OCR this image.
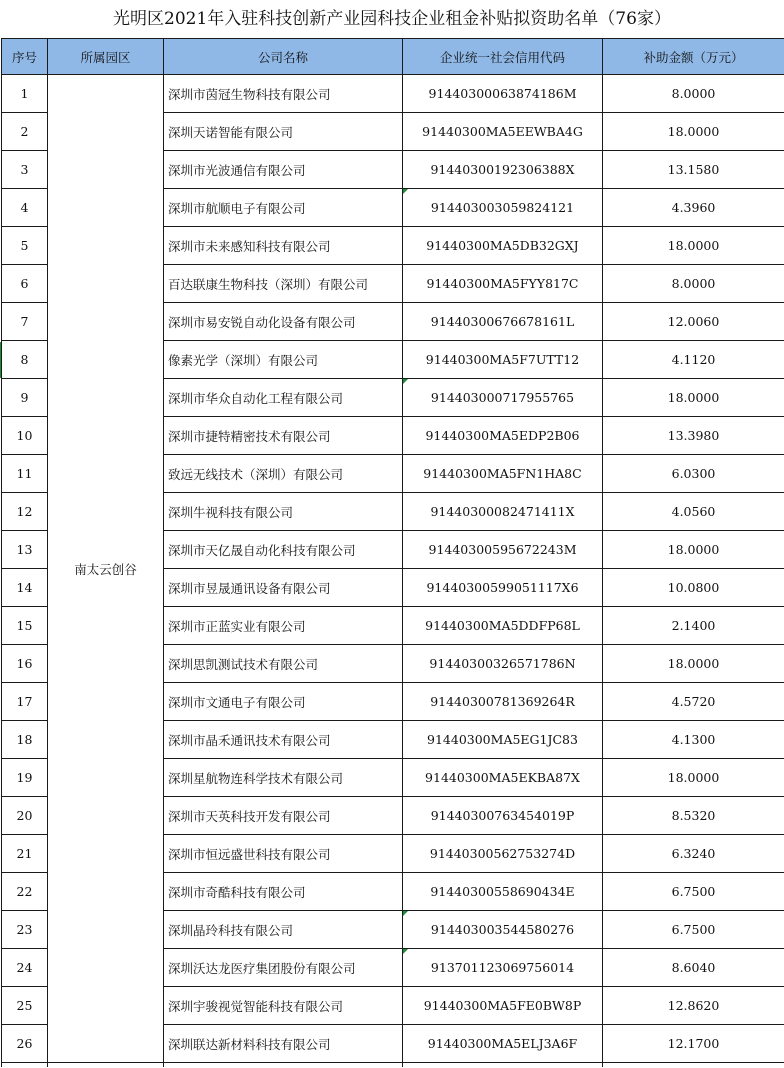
光明区2021年入驻科技创新产业园科技企业租金补贴拟资助名单（76家）
序号	所属园区	公司名称	企业统一社会信用代码	补助金额（万元）
1	南太云创谷	深圳市茵冠生物科技有限公司	91440300063874186M	8.0000
2		深圳天诺智能有限公司	91440300MA5EEWBA4G	18.0000
3		深圳市光波通信有限公司	91440300192306388X	13.1580
4		深圳市航顺电子有限公司	914403003059824121	4.3960
5		深圳市未来感知科技有限公司	91440300MA5DB32GXJ	18.0000
6		百达联康生物科技（深圳）有限公司	91440300MA5FYY817C	8.0000
7		深圳市易安锐自动化设备有限公司	91440300676678161L	12.0060
8		像素光学（深圳）有限公司	91440300MA5F7UTT12	4.1120
9		深圳市华众自动化工程有限公司	914403000717955765	18.0000
10		深圳市捷特精密技术有限公司	91440300MA5EDP2B06	13.3980
11		致远无线技术（深圳）有限公司	91440300MA5FN1HA8C	6.0300
12		深圳牛视科技有限公司	91440300082471411X	4.0560
13		深圳市天亿晟自动化科技有限公司	91440300595672243M	18.0000
14		深圳市昱晟通讯设备有限公司	91440300599051117X6	10.0800
15		深圳市正蓝实业有限公司	91440300MA5DDFP68L	2.1400
16		深圳思凯测试技术有限公司	91440300326571786N	18.0000
17		深圳市文通电子有限公司	91440300781369264R	4.5720
18		深圳市晶禾通讯技术有限公司	91440300MA5EG1JC83	4.1300
19		深圳星航物连科学技术有限公司	91440300MA5EKBA87X	18.0000
20		深圳市天英科技开发有限公司	91440300763454019P	8.5320
21		深圳市恒远盛世科技有限公司	91440300562753274D	6.3240
22		深圳市奇酷科技有限公司	91440300558690434E	6.7500
23		深圳晶玲科技有限公司	914403003544580276	6.7500
24		深圳沃达龙医疗集团股份有限公司	913701123069756014	8.6040
25		深圳宇骏视觉智能科技有限公司	91440300MA5FE0BW8P	12.8620
26		深圳联达新材料科技有限公司	91440300MA5ELJ3A6F	12.1700
